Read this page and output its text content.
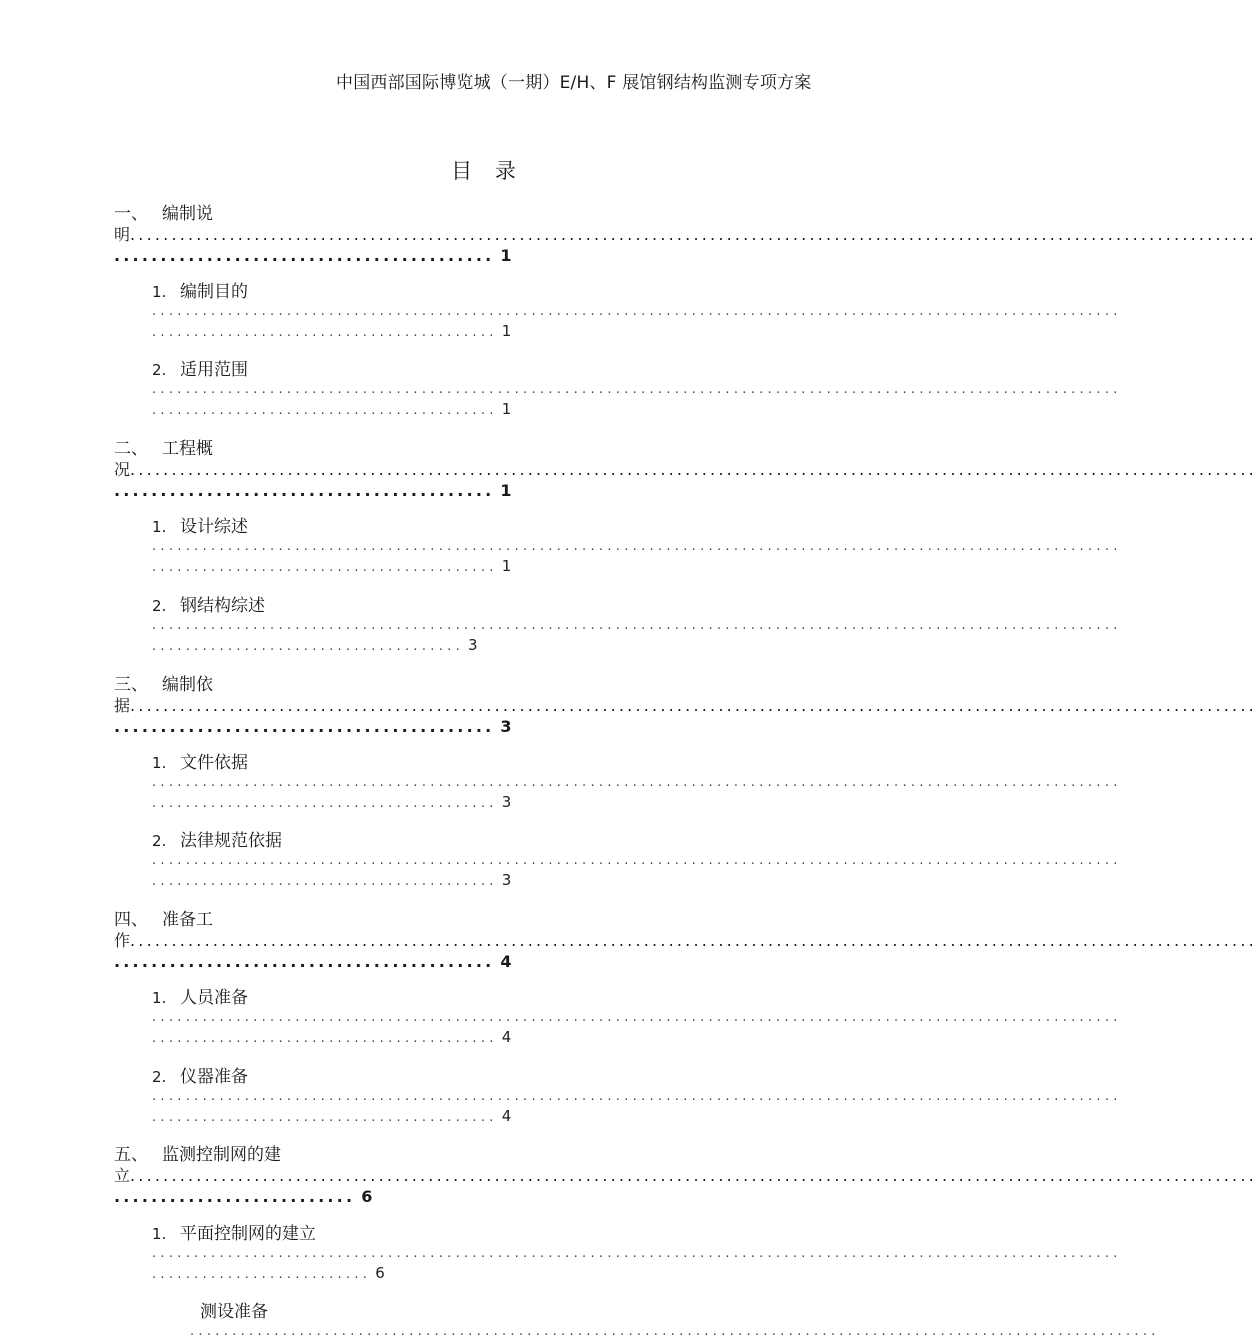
中国西部国际博览城（一期）E/H、F 展馆钢结构监测专项方案
目 录
一、 编制说
明........................................................................................................................................
......................................... 1
1. 编制目的
...................................................................................................................
......................................... 1
2. 适用范围
...................................................................................................................
......................................... 1
二、 工程概
况........................................................................................................................................
......................................... 1
1. 设计综述
...................................................................................................................
......................................... 1
2. 钢结构综述
...................................................................................................................
..................................... 3
三、 编制依
据........................................................................................................................................
......................................... 3
1. 文件依据
...................................................................................................................
......................................... 3
2. 法律规范依据
...................................................................................................................
......................................... 3
四、 准备工
作........................................................................................................................................
......................................... 4
1. 人员准备
...................................................................................................................
......................................... 4
2. 仪器准备
...................................................................................................................
......................................... 4
五、 监测控制网的建
立........................................................................................................................................
.......................... 6
1. 平面控制网的建立
...................................................................................................................
.......................... 6
测设准备
...................................................................................................................
